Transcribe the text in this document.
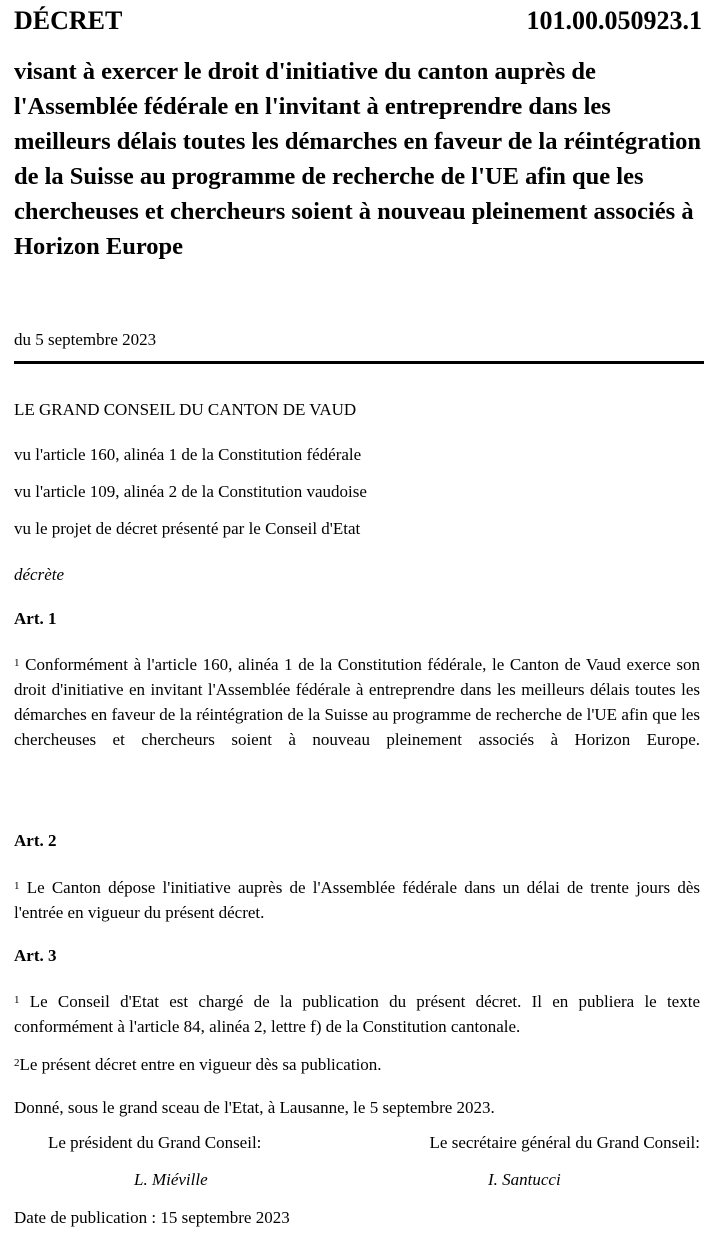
DÉCRET	101.00.050923.1
visant à exercer le droit d'initiative du canton auprès de l'Assemblée fédérale en l'invitant à entreprendre dans les meilleurs délais toutes les démarches en faveur de la réintégration de la Suisse au programme de recherche de l'UE afin que les chercheuses et chercheurs soient à nouveau pleinement associés à Horizon Europe
du 5 septembre 2023
LE GRAND CONSEIL DU CANTON DE VAUD
vu l'article 160, alinéa 1 de la Constitution fédérale
vu l'article 109, alinéa 2 de la Constitution vaudoise
vu le projet de décret présenté par le Conseil d'Etat
décrète
Art. 1
$^1$ Conformément à l'article 160, alinéa 1 de la Constitution fédérale, le Canton de Vaud exerce son droit d'initiative en invitant l'Assemblée fédérale à entreprendre dans les meilleurs délais toutes les démarches en faveur de la réintégration de la Suisse au programme de recherche de l'UE afin que les chercheuses et chercheurs soient à nouveau pleinement associés à Horizon Europe.
Art. 2
$^1$ Le Canton dépose l'initiative auprès de l'Assemblée fédérale dans un délai de trente jours dès l'entrée en vigueur du présent décret.
Art. 3
$^1$ Le Conseil d'Etat est chargé de la publication du présent décret. Il en publiera le texte conformément à l'article 84, alinéa 2, lettre f) de la Constitution cantonale.
$^2$Le présent décret entre en vigueur dès sa publication.
Donné, sous le grand sceau de l'Etat, à Lausanne, le 5 septembre 2023.
Le président du Grand Conseil:	Le secrétaire général du Grand Conseil:
L. Miéville	I. Santucci
Date de publication : 15 septembre 2023
